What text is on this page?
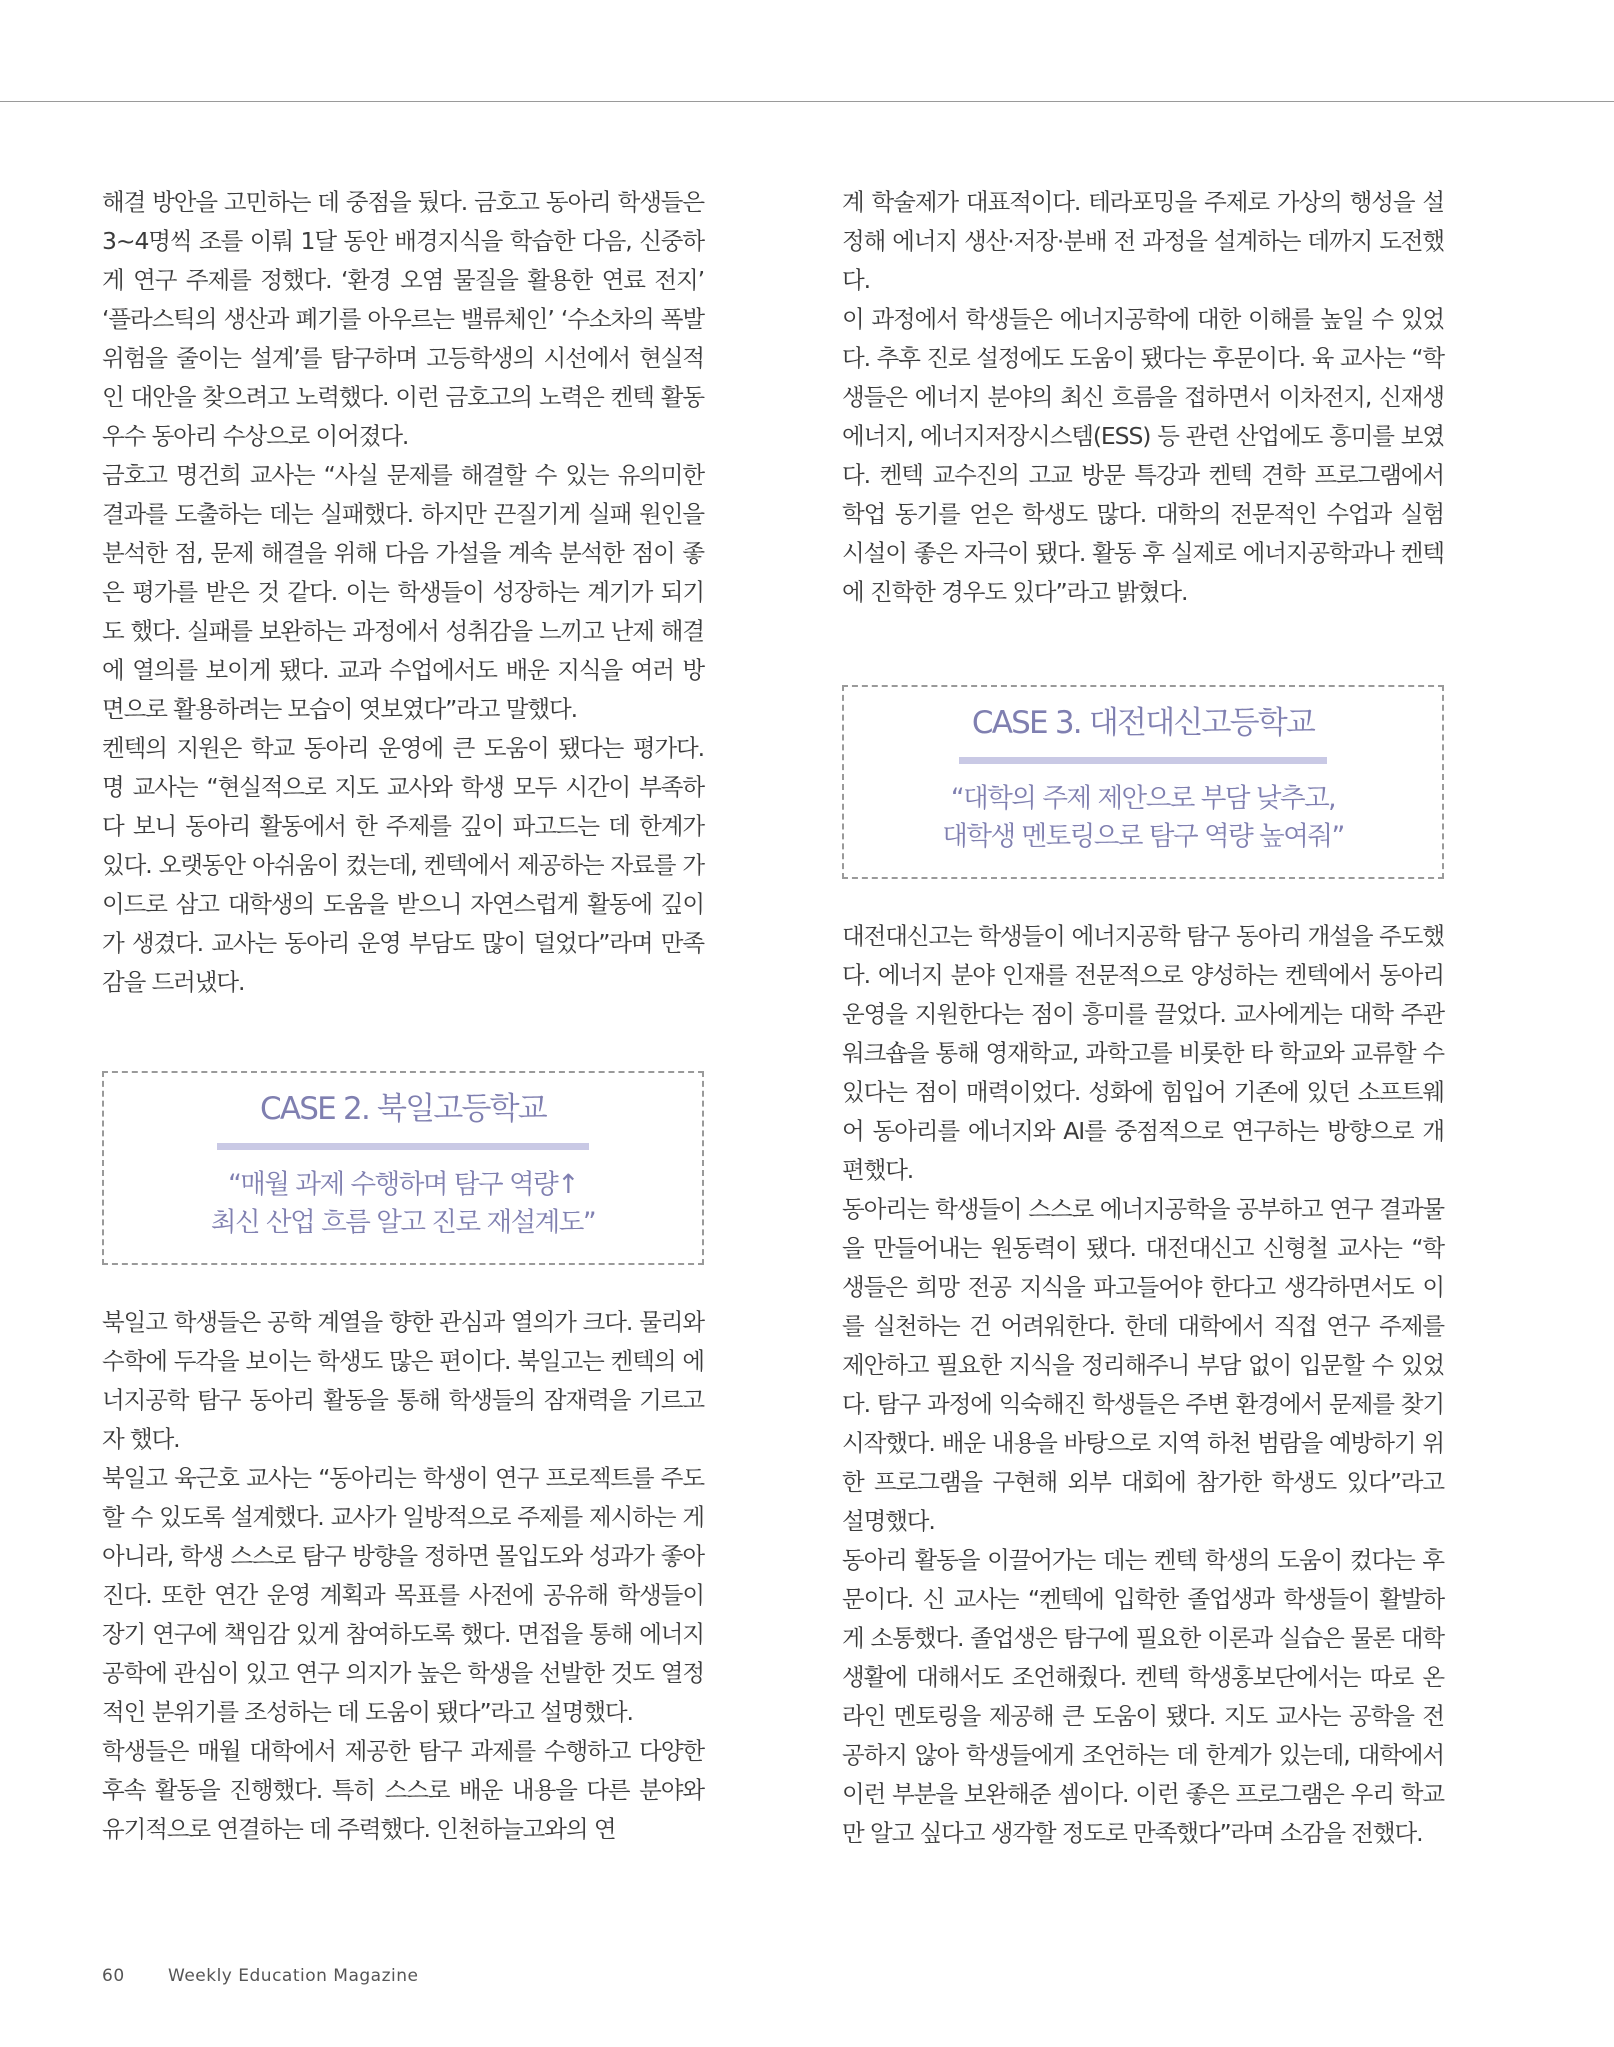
해결 방안을 고민하는 데 중점을 뒀다. 금호고 동아리 학생들은 3~4명씩 조를 이뤄 1달 동안 배경지식을 학습한 다음, 신중하게 연구 주제를 정했다. ‘환경 오염 물질을 활용한 연료 전지’ ‘플라스틱의 생산과 폐기를 아우르는 밸류체인’ ‘수소차의 폭발 위험을 줄이는 설계’를 탐구하며 고등학생의 시선에서 현실적인 대안을 찾으려고 노력했다. 이런 금호고의 노력은 켄텍 활동 우수 동아리 수상으로 이어졌다.

금호고 명건희 교사는 “사실 문제를 해결할 수 있는 유의미한 결과를 도출하는 데는 실패했다. 하지만 끈질기게 실패 원인을 분석한 점, 문제 해결을 위해 다음 가설을 계속 분석한 점이 좋은 평가를 받은 것 같다. 이는 학생들이 성장하는 계기가 되기도 했다. 실패를 보완하는 과정에서 성취감을 느끼고 난제 해결에 열의를 보이게 됐다. 교과 수업에서도 배운 지식을 여러 방면으로 활용하려는 모습이 엿보였다”라고 말했다.

켄텍의 지원은 학교 동아리 운영에 큰 도움이 됐다는 평가다. 명 교사는 “현실적으로 지도 교사와 학생 모두 시간이 부족하다 보니 동아리 활동에서 한 주제를 깊이 파고드는 데 한계가 있다. 오랫동안 아쉬움이 컸는데, 켄텍에서 제공하는 자료를 가이드로 삼고 대학생의 도움을 받으니 자연스럽게 활동에 깊이가 생겼다. 교사는 동아리 운영 부담도 많이 덜었다”라며 만족감을 드러냈다.

CASE 2. 북일고등학교
“매월 과제 수행하며 탐구 역량↑
최신 산업 흐름 알고 진로 재설계도”

북일고 학생들은 공학 계열을 향한 관심과 열의가 크다. 물리와 수학에 두각을 보이는 학생도 많은 편이다. 북일고는 켄텍의 에너지공학 탐구 동아리 활동을 통해 학생들의 잠재력을 기르고자 했다.

북일고 육근호 교사는 “동아리는 학생이 연구 프로젝트를 주도할 수 있도록 설계했다. 교사가 일방적으로 주제를 제시하는 게 아니라, 학생 스스로 탐구 방향을 정하면 몰입도와 성과가 좋아진다. 또한 연간 운영 계획과 목표를 사전에 공유해 학생들이 장기 연구에 책임감 있게 참여하도록 했다. 면접을 통해 에너지공학에 관심이 있고 연구 의지가 높은 학생을 선발한 것도 열정적인 분위기를 조성하는 데 도움이 됐다”라고 설명했다.

학생들은 매월 대학에서 제공한 탐구 과제를 수행하고 다양한 후속 활동을 진행했다. 특히 스스로 배운 내용을 다른 분야와 유기적으로 연결하는 데 주력했다. 인천하늘고와의 연

계 학술제가 대표적이다. 테라포밍을 주제로 가상의 행성을 설정해 에너지 생산·저장·분배 전 과정을 설계하는 데까지 도전했다.

이 과정에서 학생들은 에너지공학에 대한 이해를 높일 수 있었다. 추후 진로 설정에도 도움이 됐다는 후문이다. 육 교사는 “학생들은 에너지 분야의 최신 흐름을 접하면서 이차전지, 신재생 에너지, 에너지저장시스템(ESS) 등 관련 산업에도 흥미를 보였다. 켄텍 교수진의 고교 방문 특강과 켄텍 견학 프로그램에서 학업 동기를 얻은 학생도 많다. 대학의 전문적인 수업과 실험 시설이 좋은 자극이 됐다. 활동 후 실제로 에너지공학과나 켄텍에 진학한 경우도 있다”라고 밝혔다.

CASE 3. 대전대신고등학교
“대학의 주제 제안으로 부담 낮추고,
대학생 멘토링으로 탐구 역량 높여줘”

대전대신고는 학생들이 에너지공학 탐구 동아리 개설을 주도했다. 에너지 분야 인재를 전문적으로 양성하는 켄텍에서 동아리 운영을 지원한다는 점이 흥미를 끌었다. 교사에게는 대학 주관 워크숍을 통해 영재학교, 과학고를 비롯한 타 학교와 교류할 수 있다는 점이 매력이었다. 성화에 힘입어 기존에 있던 소프트웨어 동아리를 에너지와 AI를 중점적으로 연구하는 방향으로 개편했다.

동아리는 학생들이 스스로 에너지공학을 공부하고 연구 결과물을 만들어내는 원동력이 됐다. 대전대신고 신형철 교사는 “학생들은 희망 전공 지식을 파고들어야 한다고 생각하면서도 이를 실천하는 건 어려워한다. 한데 대학에서 직접 연구 주제를 제안하고 필요한 지식을 정리해주니 부담 없이 입문할 수 있었다. 탐구 과정에 익숙해진 학생들은 주변 환경에서 문제를 찾기 시작했다. 배운 내용을 바탕으로 지역 하천 범람을 예방하기 위한 프로그램을 구현해 외부 대회에 참가한 학생도 있다”라고 설명했다.

동아리 활동을 이끌어가는 데는 켄텍 학생의 도움이 컸다는 후문이다. 신 교사는 “켄텍에 입학한 졸업생과 학생들이 활발하게 소통했다. 졸업생은 탐구에 필요한 이론과 실습은 물론 대학 생활에 대해서도 조언해줬다. 켄텍 학생홍보단에서는 따로 온라인 멘토링을 제공해 큰 도움이 됐다. 지도 교사는 공학을 전공하지 않아 학생들에게 조언하는 데 한계가 있는데, 대학에서 이런 부분을 보완해준 셈이다. 이런 좋은 프로그램은 우리 학교만 알고 싶다고 생각할 정도로 만족했다”라며 소감을 전했다.

60	Weekly Education Magazine
